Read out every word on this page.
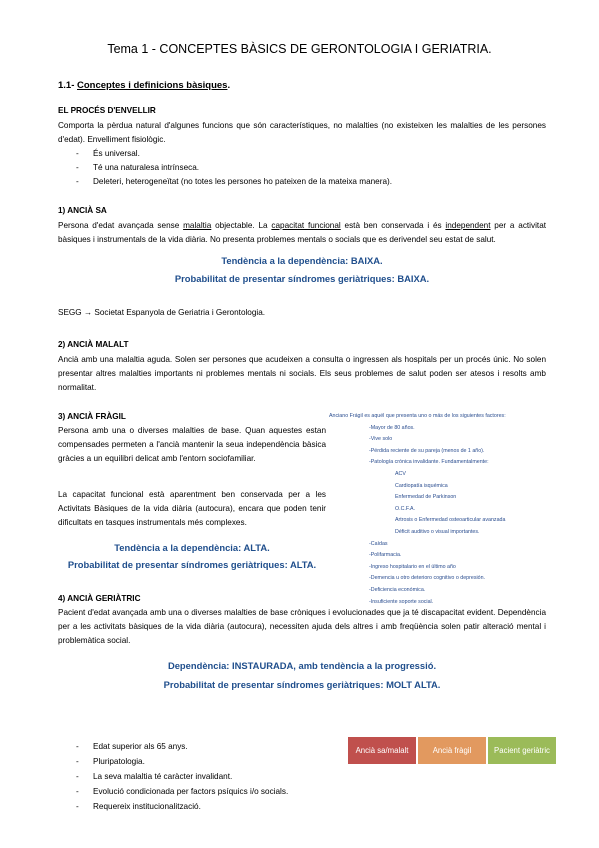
Tema 1 - CONCEPTES BÀSICS DE GERONTOLOGIA I GERIATRIA.
1.1- Conceptes i definicions bàsiques.
EL PROCÉS D'ENVELLIR
Comporta la pèrdua natural d'algunes funcions que són característiques, no malalties (no existeixen les malalties de les persones d'edat). Envelliment fisiològic.
- És universal.
- Té una naturalesa intrínseca.
- Deleteri, heterogeneïtat (no totes les persones ho pateixen de la mateixa manera).
1) ANCIÀ SA
Persona d'edat avançada sense malaltia objectable. La capacitat funcional està ben conservada i és independent per a activitat bàsiques i instrumentals de la vida diària. No presenta problemes mentals o socials que es derivendel seu estat de salut.
Tendència a la dependència: BAIXA.
Probabilitat de presentar síndromes geriàtriques: BAIXA.
SEGG → Societat Espanyola de Geriatria i Gerontologia.
2) ANCIÀ MALALT
Ancià amb una malaltia aguda. Solen ser persones que acudeixen a consulta o ingressen als hospitals per un procés únic. No solen presentar altres malalties importants ni problemes mentals ni socials. Els seus problemes de salut poden ser atesos i resolts amb normalitat.
3) ANCIÀ FRÀGIL
Persona amb una o diverses malalties de base. Quan aquestes estan compensades permeten a l'ancià mantenir la seua independència bàsica gràcies a un equilibri delicat amb l'entorn sociofamiliar.
La capacitat funcional està aparentment ben conservada per a les Activitats Bàsiques de la vida diària (autocura), encara que poden tenir dificultats en tasques instrumentals més complexes.
Tendència a la dependència: ALTA.
Probabilitat de presentar síndromes geriàtriques: ALTA.
Anciano Frágil es aquél que presenta uno o más de los siguientes factores:
-Mayor de 80 años.
-Vive solo
-Pérdida reciente de su pareja (menos de 1 año).
-Patología crónica invalidante. Fundamentalmente:
ACV
Cardiopatía isquémica
Enfermedad de Parkinson
O.C.F.A.
Artrosis o Enfermedad osteoarticular avanzada
Déficit auditivo o visual importantes.
-Caídas
-Polifarmacia.
-Ingreso hospitalario en el último año
-Demencia u otro deterioro cognitivo o depresión.
-Deficiencia económica.
-Insuficiente soporte social.
4) ANCIÀ GERIÀTRIC
Pacient d'edat avançada amb una o diverses malalties de base cròniques i evolucionades que ja té discapacitat evident. Dependència per a les activitats bàsiques de la vida diària (autocura), necessiten ajuda dels altres i amb freqüència solen patir alteració mental i problemàtica social.
Dependència: INSTAURADA, amb tendència a la progressió.
Probabilitat de presentar síndromes geriàtriques: MOLT ALTA.
- Edat superior als 65 anys.
- Pluripatologia.
- La seva malaltia té caràcter invalidant.
- Evolució condicionada per factors psíquics i/o socials.
- Requereix institucionalització.
Ancià sa/malalt	Ancià fràgil	Pacient geriàtric
